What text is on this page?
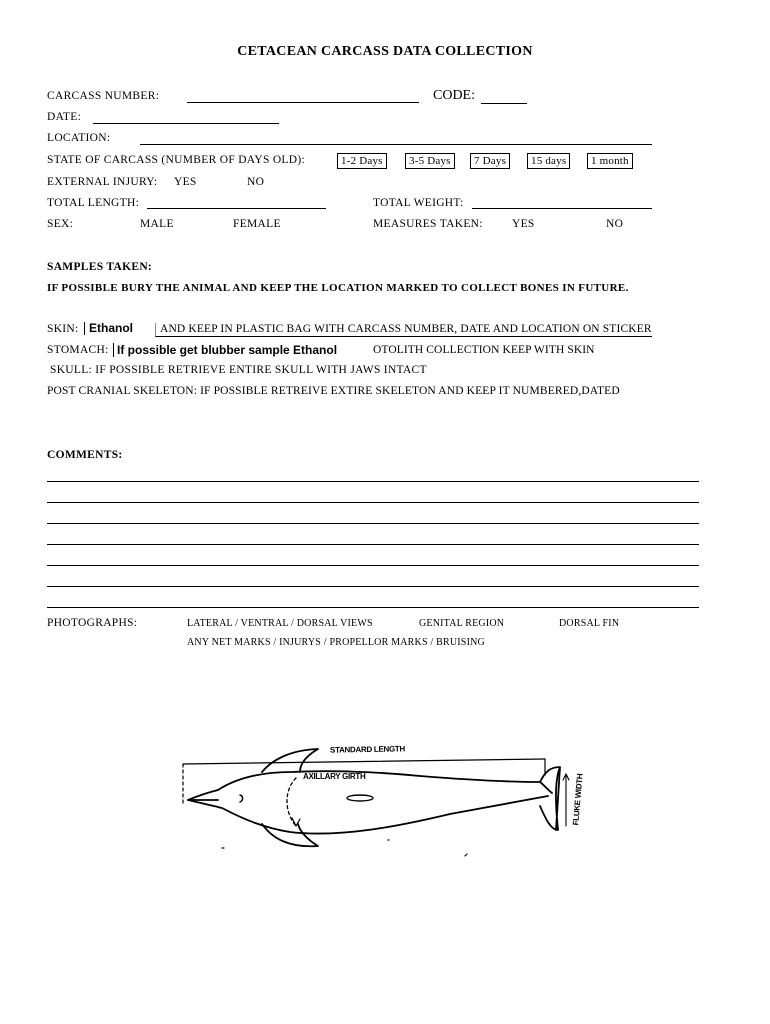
CETACEAN CARCASS DATA COLLECTION
CARCASS NUMBER:	CODE:
DATE:
LOCATION:
STATE OF CARCASS (NUMBER OF DAYS OLD):	1-2 Days	3-5 Days	7 Days	15 days	1 month
EXTERNAL INJURY: YES	NO
TOTAL LENGTH:	TOTAL WEIGHT:
SEX:	MALE	FEMALE	MEASURES TAKEN:	YES	NO
SAMPLES TAKEN:
IF POSSIBLE BURY THE ANIMAL AND KEEP THE LOCATION MARKED TO COLLECT BONES IN FUTURE.
SKIN: Ethanol	AND KEEP IN PLASTIC BAG WITH CARCASS NUMBER, DATE AND LOCATION ON STICKER
STOMACH: If possible get blubber sample Ethanol	OTOLITH COLLECTION KEEP WITH SKIN
SKULL: IF POSSIBLE RETRIEVE ENTIRE SKULL WITH JAWS INTACT
POST CRANIAL SKELETON: IF POSSIBLE RETREIVE EXTIRE SKELETON AND KEEP IT NUMBERED,DATED
COMMENTS:
PHOTOGRAPHS:	LATERAL / VENTRAL / DORSAL VIEWS	GENITAL REGION	DORSAL FIN
ANY NET MARKS / INJURYS / PROPELLOR MARKS / BRUISING
STANDARD LENGTH
AXILLARY GIRTH	FLUKE WIDTH
